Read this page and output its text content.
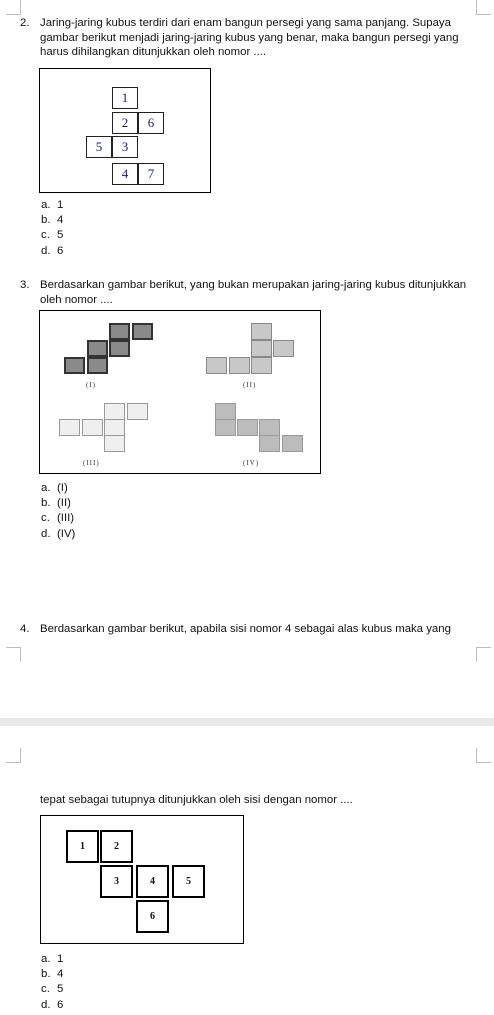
2. Jaring-jaring kubus terdiri dari enam bangun persegi yang sama panjang. Supaya
gambar berikut menjadi jaring-jaring kubus yang benar, maka bangun persegi yang
harus dihilangkan ditunjukkan oleh nomor ....
1
2	6
5	3
4	7
a. 1
b. 4
c. 5
d. 6
3. Berdasarkan gambar berikut, yang bukan merupakan jaring-jaring kubus ditunjukkan
oleh nomor ....
(I)	(II)
(III)	(IV)
a. (I)
b. (II)
c. (III)
d. (IV)
4. Berdasarkan gambar berikut, apabila sisi nomor 4 sebagai alas kubus maka yang
tepat sebagai tutupnya ditunjukkan oleh sisi dengan nomor ....
1	2
3	4	5
6
a. 1
b. 4
c. 5
d. 6
